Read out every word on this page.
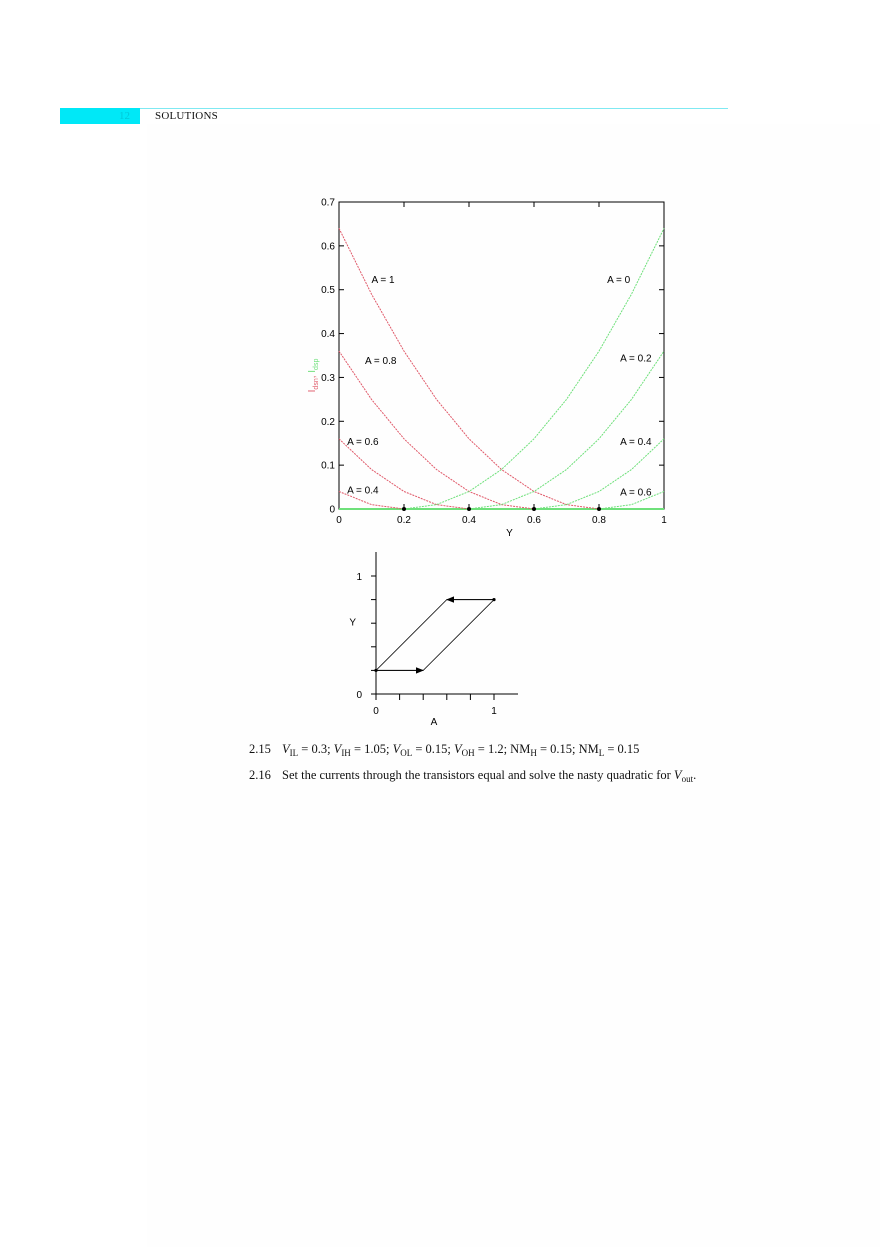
12 SOLUTIONS
0
0.1
0.2
0.3
0.4
0.5
0.6
0.7
0	0.2	0.4	0.6	0.8	1
Y
$I_{dsn}$, $I_{dsp}$
A = 1
A = 0.8
A = 0.6
A = 0.4
A = 0
A = 0.2
A = 0.4
A = 0.6
0	1
0
1
A
Y
2.15 $V_{IL} = 0.3$; $V_{IH} = 1.05$; $V_{OL} = 0.15$; $V_{OH} = 1.2$; $NM_H = 0.15$; $NM_L = 0.15$
2.16 Set the currents through the transistors equal and solve the nasty quadratic for $V_{out}$.
